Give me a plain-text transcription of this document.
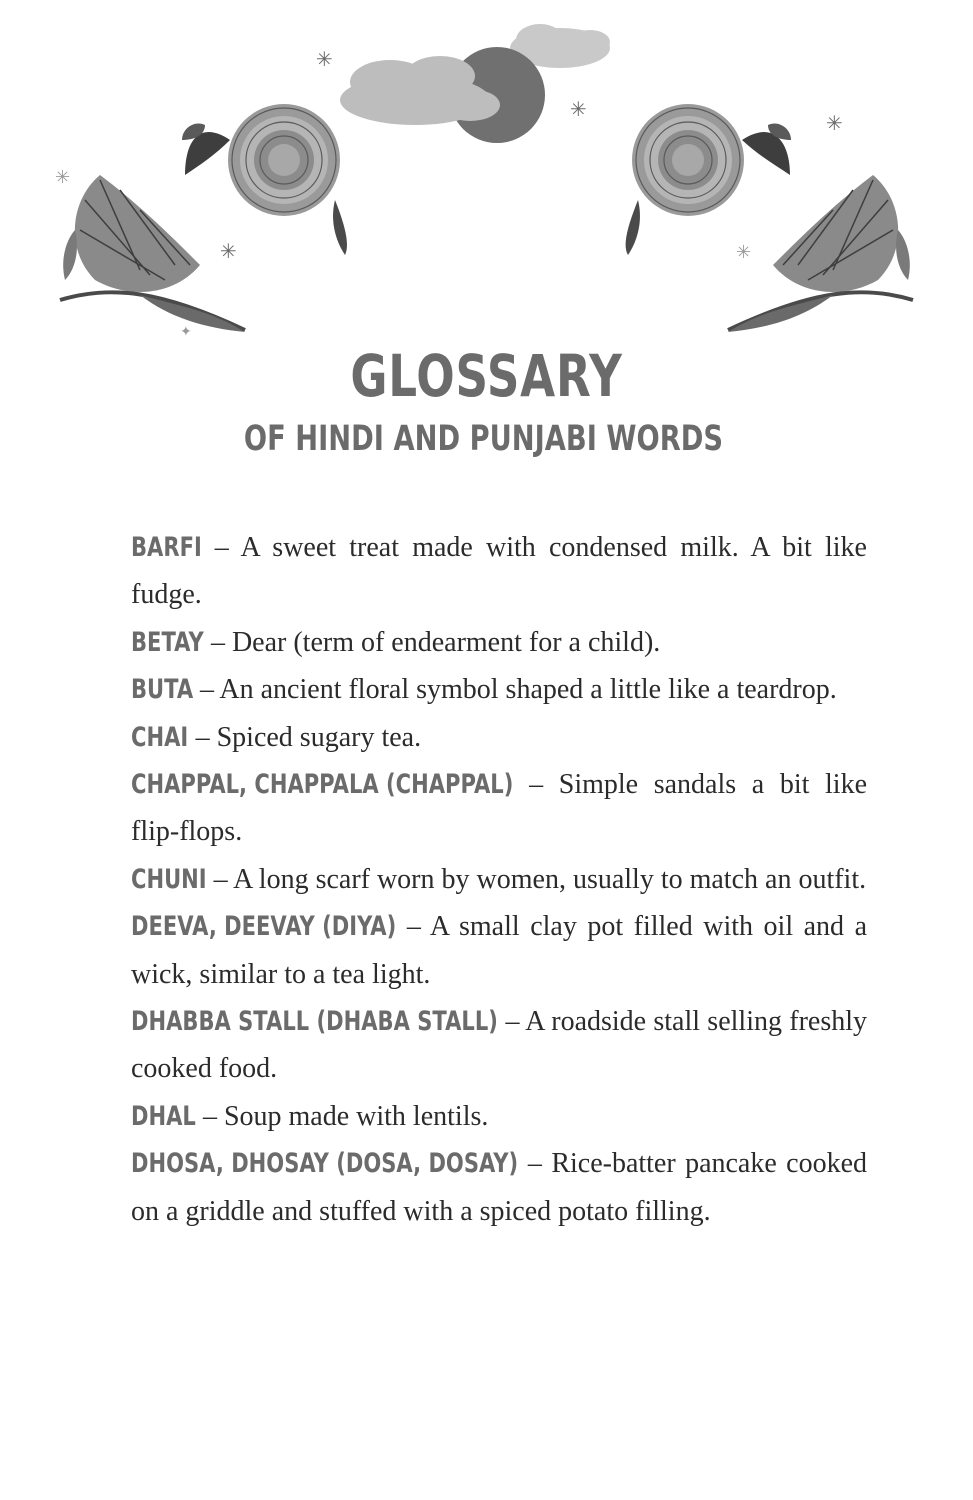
✳
✳
✳
✳
✳
✳
✦
GLOSSARY
OF HINDI AND PUNJABI WORDS

BARFI – A sweet treat made with condensed milk. A bit like fudge.

BETAY – Dear (term of endearment for a child).

BUTA – An ancient floral symbol shaped a little like a teardrop.

CHAI – Spiced sugary tea.

CHAPPAL, CHAPPALA (CHAPPAL) – Simple sandals a bit like flip-flops.

CHUNI – A long scarf worn by women, usually to match an outfit.

DEEVA, DEEVAY (DIYA) – A small clay pot filled with oil and a wick, similar to a tea light.

DHABBA STALL (DHABA STALL) – A roadside stall selling freshly cooked food.

DHAL – Soup made with lentils.

DHOSA, DHOSAY (DOSA, DOSAY) – Rice-batter pancake cooked on a griddle and stuffed with a spiced potato filling.
